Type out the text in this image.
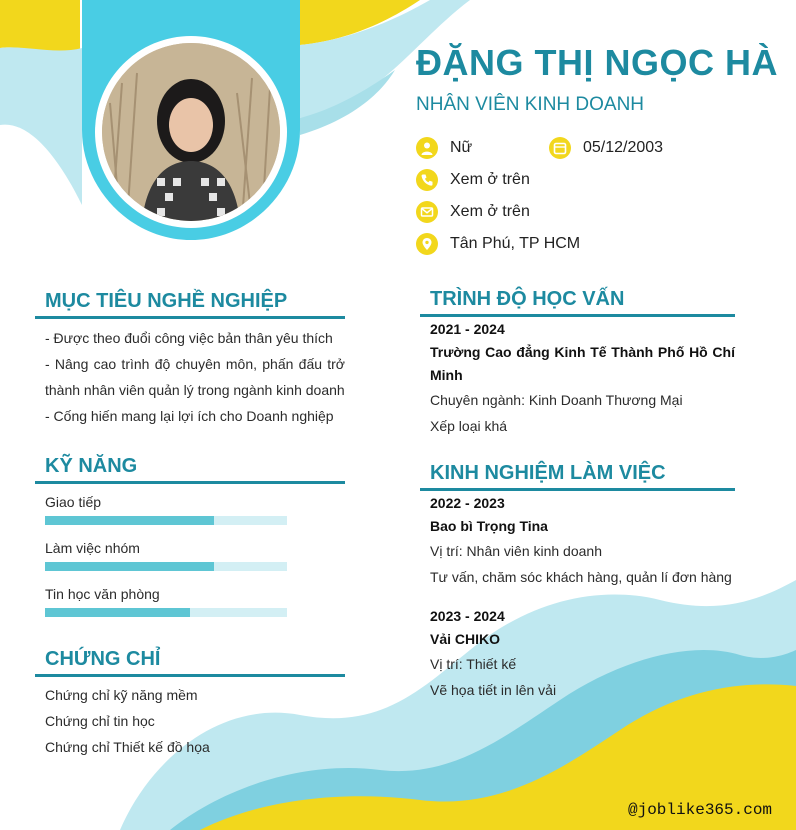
ĐẶNG THỊ NGỌC HÀ
NHÂN VIÊN KINH DOANH
Nữ	05/12/2003
Xem ở trên
Xem ở trên
Tân Phú, TP HCM
MỤC TIÊU NGHỀ NGHIỆP
- Được theo đuổi công việc bản thân yêu thích
- Nâng cao trình độ chuyên môn, phấn đấu trở thành nhân viên quản lý trong ngành kinh doanh
- Cống hiến mang lại lợi ích cho Doanh nghiệp
KỸ NĂNG
Giao tiếp
Làm việc nhóm
Tin học văn phòng
CHỨNG CHỈ
Chứng chỉ kỹ năng mềm
Chứng chỉ tin học
Chứng chỉ Thiết kế đồ họa
TRÌNH ĐỘ HỌC VẤN
2021 - 2024
Trường Cao đẳng Kinh Tế Thành Phố Hồ Chí Minh
Chuyên ngành: Kinh Doanh Thương Mại
Xếp loại khá
KINH NGHIỆM LÀM VIỆC
2022 - 2023
Bao bì Trọng Tina
Vị trí: Nhân viên kinh doanh
Tư vấn, chăm sóc khách hàng, quản lí đơn hàng
2023 - 2024
Vải CHIKO
Vị trí: Thiết kế
Vẽ họa tiết in lên vải
@joblike365.com
